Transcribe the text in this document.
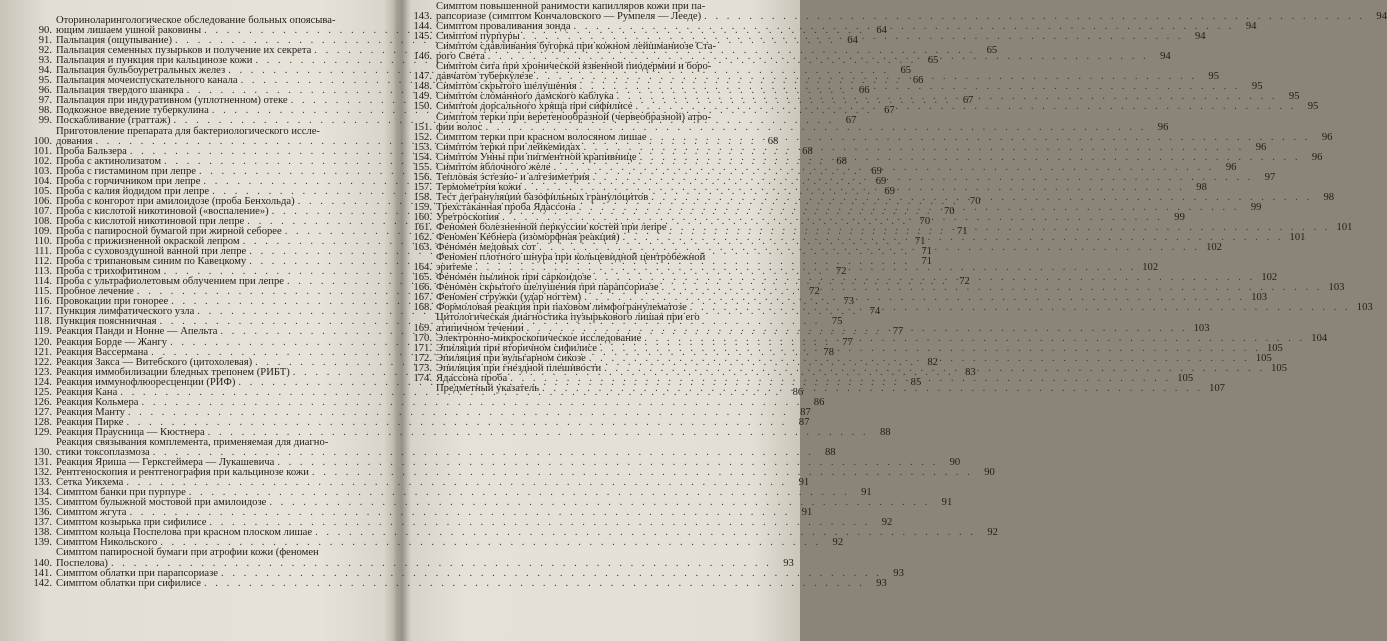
90.
Оториноларингологическое обследование больных опоясыва-
ющим лишаем ушной раковины . . .	64
91. Пальпация (ощупывание) . . .	64
92. Пальпация семенных пузырьков и получение их секрета . . .	65
93. Пальпация и пункция при кальцинозе кожи . . .	65
94. Пальпация бульбоуретральных желез . . .	65
95. Пальпация мочеиспускательного канала . . .	66
96. Пальпация твердого шанкра . . .	66
97. Пальпация при индуративном (уплотненном) отеке . . .	67
98. Подкожное введение туберкулина . . .	67
99. Поскабливание (граттаж) . . .	67
100.
Приготовление препарата для бактериологического иссле-
дования . . .	68
101. Проба Бальзера . . .	68
102. Проба с актинолизатом . . .	68
103. Проба с гистамином при лепре . . .	69
104. Проба с горчичником при лепре . . .	69
105. Проба с калия йодидом при лепре . . .	69
106. Проба с конгорот при амилоидозе (проба Бенхольда) . . .	70
107. Проба с кислотой никотиновой («воспаление») . . .	70
108. Проба с кислотой никотиновой при лепре . . .	70
109. Проба с папиросной бумагой при жирной себорее . . .	71
110. Проба с прижизненной окраской лепром . . .	71
111. Проба с суховоздушной ванной при лепре . . .	71
112. Проба с трипановым синим по Кавецкому . . .	71
113. Проба с трихофитином . . .	72
114. Проба с ультрафиолетовым облучением при лепре . . .	72
115. Пробное лечение . . .	72
116. Провокации при гонорее . . .	73
117. Пункция лимфатического узла . . .	74
118. Пункция пояснничная . . .	75
119. Реакция Панди и Нонне — Апельта . . .	77
120. Реакция Борде — Жангу . . .	77
121. Реакция Вассермана . . .	78
122. Реакция Закса — Витебского (цитохолевая) . . .	82
123. Реакция иммобилизации бледных трепонем (РИБТ) . . .	83
124. Реакция иммунофлюоресценции (РИФ) . . .	85
125. Реакция Кана . . .	86
126. Реакция Кольмера . . .	86
127. Реакция Манту . . .	87
128. Реакция Пирке . . .	87
129. Реакция Праусница — Кюстнера . . .	88
130.
Реакция связывания комплемента, применяемая для диагно-
стики токсоплазмоза . . .	88
131. Реакция Яриша — Герксгеймера — Лукашевича . . .	90
132. Рентгеноскопия и рентгенография при кальцинозе кожи . . .	90
133. Сетка Уикхема . . .	91
134. Симптом банки при пурпуре . . .	91
135. Симптом булыжной мостовой при амилоидозе . . .	91
136. Симптом жгута . . .	91
137. Симптом козырька при сифилисе . . .	92
138. Симптом кольца Поспелова при красном плоском лишае . . .	92
139. Симптом Никольского . . .	92
140.
Симптом папиросной бумаги при атрофии кожи (феномен
Поспелова) . . .	93
141. Симптом облатки при парапсориазе . . .	93
142. Симптом облатки при сифилисе . . .	93
143.
Симптом повышенной ранимости капилляров кожи при па-
рапсориазе (симптом Кончаловского — Румпеля — Лееде) . . .	94
144. Симптом проваливания зонда . . .	94
145. Симптом пурпуры . . .	94
146.
Симптом сдавливания бугорка при кожном лейшманиозе Ста-
рого Света . . .	94
147.
Симптом сита при хронической язвенной пиодермии и боро-
давчатом туберкулезе . . .	95
148. Симптом скрытого шелушения . . .	95
149. Симптом сломанного дамского каблука . . .	95
150. Симптом дорсального хряща при сифилисе . . .	95
151.
Симптом терки при веретенообразной (червеобразной) атро-
фии волос . . .	96
152. Симптом терки при красном волосяном лишае . . .	96
153. Симптом терки при лейкемидах . . .	96
154. Симптом Унны при пигментной крапивнице . . .	96
155. Симптом яблочного желе . . .	96
156. Тепловая эстезио- и алгезиметрия . . .	97
157. Термометрия кожи . . .	98
158. Тест дегрануляции базофильных гранулоцитов . . .	98
159. Трехстаканная проба Ядассона . . .	99
160. Уретроскопия . . .	99
161. Феномен болезненной перкуссии костей при лепре . . .	101
162. Феномен Кебнера (изоморфная реакция) . . .	101
163. Феномен медовых сот . . .	102
164.
Феномен плотного шнура при кольцевидной центробежной
эритеме . . .	102
165. Феномен пылинок при саркоидозе . . .	102
166. Феномен скрытого шелушения при парапсориазе . . .	103
167. Феномен стружки (удар ногтем) . . .	103
168. Формоловая реакция при паховом лимфогранулематозе . . .	103
169.
Цитологическая диагностика пузырькового лишая при его
атипичном течении . . .	103
170. Электронно-микроскопическое исследование . . .	104
171. Эпиляция при вторичном сифилисе . . .	105
172. Эпиляция при вульгарном сикозе . . .	105
173. Эпиляция при гнездной плешивости . . .	105
174. Ядассона проба . . .	105
Предметный указатель . . .	107
